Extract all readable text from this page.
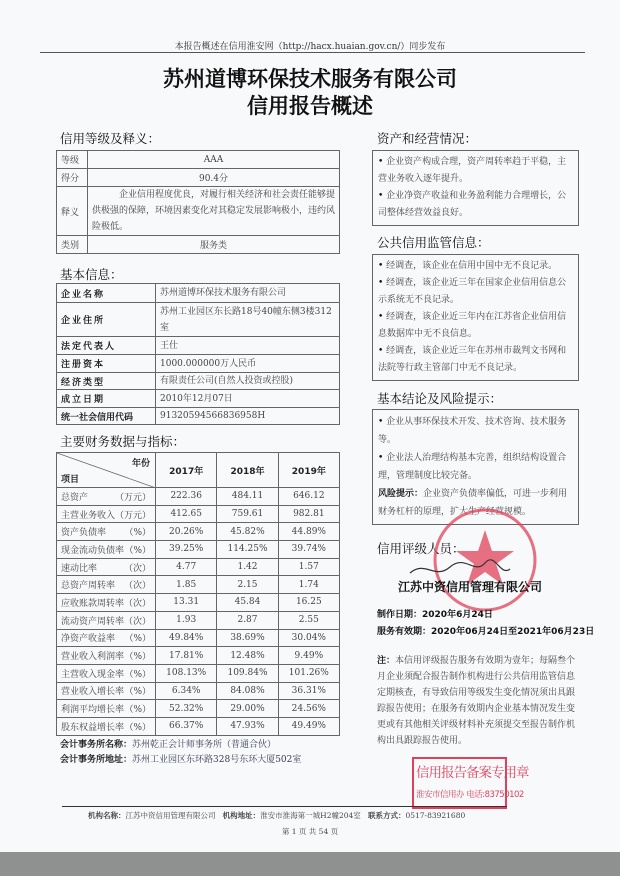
本报告概述在信用淮安网（http://hacx.huaian.gov.cn/）同步发布
苏州道博环保技术服务有限公司
信用报告概述
信用等级及释义：
等级	AAA
得分	90.4分
释义	企业信用程度优良，对履行相关经济和社会责任能够提供极强的保障，环境因素变化对其稳定发展影响极小，违约风险极低。
类别	服务类
基本信息：
企业名称	苏州道博环保技术服务有限公司
企业住所	苏州工业园区东长路18号40幢东侧3楼312室
法定代表人	王仕
注册资本	1000.000000万人民币
经济类型	有限责任公司(自然人投资或控股)
成立日期	2010年12月07日
统一社会信用代码	91320594566836958H
主要财务数据与指标：
年份
项目	2017年	2018年	2019年

总资产 （万元）	222.36	484.11	646.12

主营业务收入 （万元）	412.65	759.61	982.81

资产负债率 （%）	20.26%	45.82%	44.89%

现金流动负债率 （%）	39.25%	114.25%	39.74%

速动比率 （次）	4.77	1.42	1.57

总资产周转率 （次）	1.85	2.15	1.74

应收账款周转率 （次）	13.31	45.84	16.25

流动资产周转率 （次）	1.93	2.87	2.55

净资产收益率 （%）	49.84%	38.69%	30.04%

营业收入利润率 （%）	17.81%	12.48%	9.49%

主营收入现金率 （%）	108.13%	109.84%	101.26%

营业收入增长率 （%）	6.34%	84.08%	36.31%

利润平均增长率 （%）	52.32%	29.00%	24.56%

股东权益增长率 （%）	66.37%	47.93%	49.49%
会计事务所名称：苏州乾正会计师事务所（普通合伙）
会计事务所地址：苏州工业园区东环路328号东环大厦502室
资产和经营情况：

• 企业资产构成合理，资产周转率趋于平稳，主营业务收入逐年提升。

• 企业净资产收益和业务盈利能力合理增长，公司整体经营效益良好。

公共信用监管信息：

• 经调查，该企业在信用中国中无不良记录。

• 经调查，该企业近三年在国家企业信用信息公示系统无不良记录。

• 经调查，该企业近三年内在江苏省企业信用信息数据库中无不良信息。

• 经调查，该企业近三年在苏州市裁判文书网和法院等行政主管部门中无不良记录。

基本结论及风险提示：

• 企业从事环保技术开发、技术咨询、技术服务等。

• 企业法人治理结构基本完善，组织结构设置合理，管理制度比较完备。

风险提示：企业资产负债率偏低，可进一步利用财务杠杆的原理，扩大生产经营规模。

信用评级人员：
江苏中资信用管理有限公司
制作日期：2020年6月24日
服务有效期：2020年06月24日至2021年06月23日
注：本信用评级报告服务有效期为壹年；每隔叁个月企业须配合报告制作机构进行公共信用监管信息定期核查，有导致信用等级发生变化情况须出具跟踪报告使用；在服务有效期内企业基本情况发生变更或有其他相关评级材料补充须提交至报告制作机构出具跟踪报告使用。
信用报告备案专用章
淮安市信用办 电话:83750102
机构名称：江苏中资信用管理有限公司 机构地址：淮安市淮海第一城H2幢204室 联系方式：0517-83921680
第 1 页 共 54 页
